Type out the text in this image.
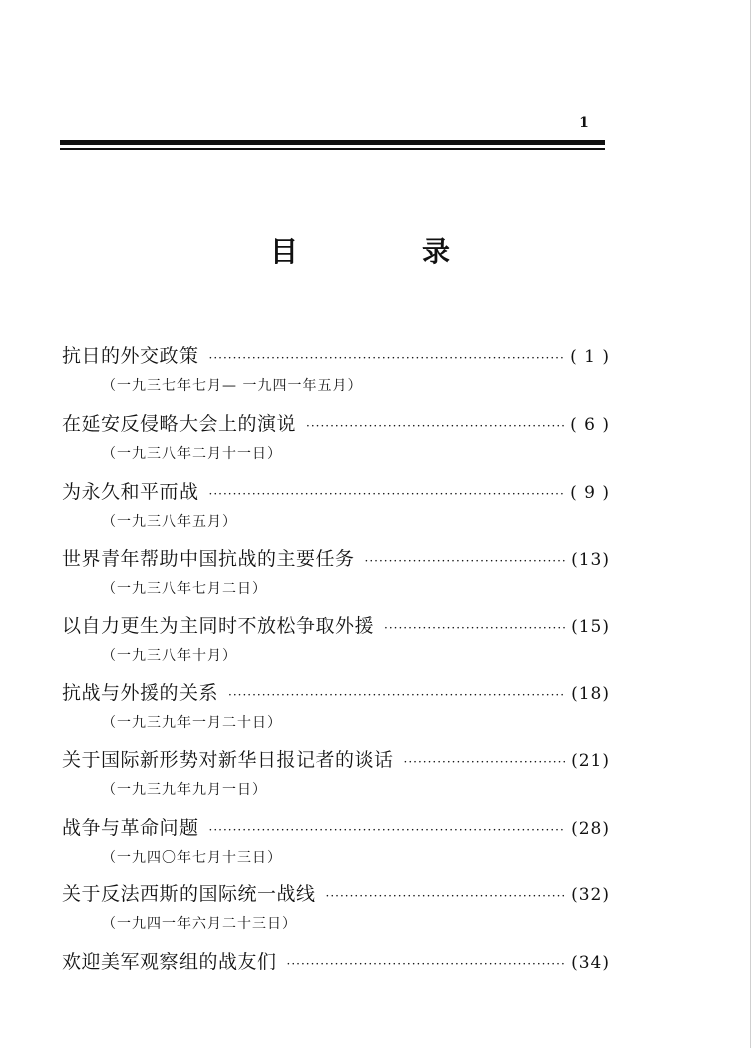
1
目　录
抗日的外交政策 ·····	( 1 )
（一九三七年七月— 一九四一年五月）
在延安反侵略大会上的演说 ·····	( 6 )
（一九三八年二月十一日）
为永久和平而战 ·····	( 9 )
（一九三八年五月）
世界青年帮助中国抗战的主要任务 ·····	(13)
（一九三八年七月二日）
以自力更生为主同时不放松争取外援 ·····	(15)
（一九三八年十月）
抗战与外援的关系 ·····	(18)
（一九三九年一月二十日）
关于国际新形势对新华日报记者的谈话 ·····	(21)
（一九三九年九月一日）
战争与革命问题 ·····	(28)
（一九四〇年七月十三日）
关于反法西斯的国际统一战线 ·····	(32)
（一九四一年六月二十三日）
欢迎美军观察组的战友们 ·····	(34)
